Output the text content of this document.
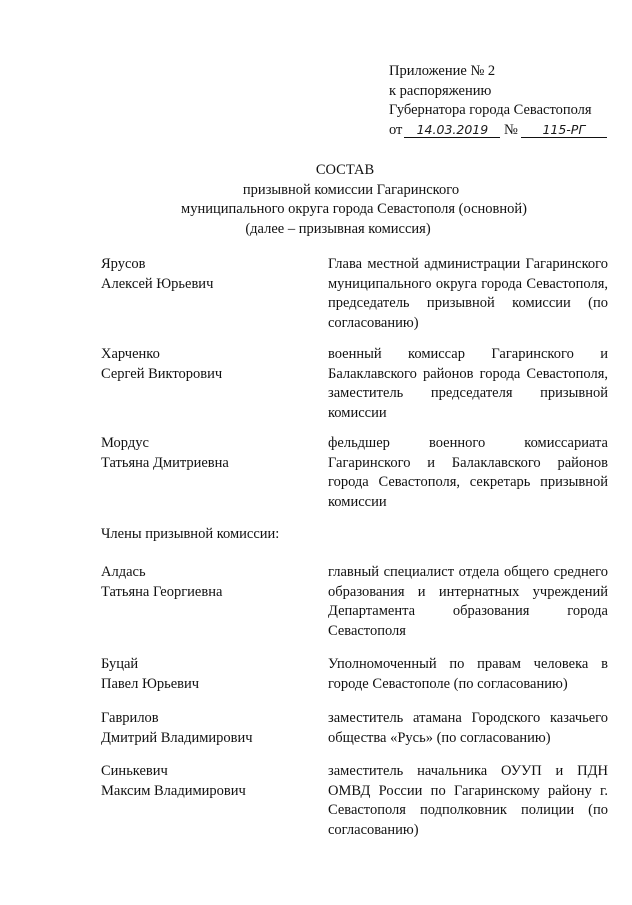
Приложение № 2
к распоряжению
Губернатора города Севастополя
от 14.03.2019 № 115-РГ
СОСТАВ
призывной комиссии Гагаринского
муниципального округа города Севастополя (основной)
(далее – призывная комиссия)
Ярусов
Алексей Юрьевич
Глава местной администрации Гагаринского муниципального округа города Севастополя, председатель призывной комиссии (по согласованию)
Харченко
Сергей Викторович
военный комиссар Гагаринского и Балаклавского районов города Севастополя, заместитель председателя призывной комиссии
Мордус
Татьяна Дмитриевна
фельдшер военного комиссариата Гагаринского и Балаклавского районов города Севастополя, секретарь призывной комиссии
Члены призывной комиссии:
Алдась
Татьяна Георгиевна
главный специалист отдела общего среднего образования и интернатных учреждений Департамента образования города Севастополя
Буцай
Павел Юрьевич
Уполномоченный по правам человека в городе Севастополе (по согласованию)
Гаврилов
Дмитрий Владимирович
заместитель атамана Городского казачьего общества «Русь» (по согласованию)
Синькевич
Максим Владимирович
заместитель начальника ОУУП и ПДН ОМВД России по Гагаринскому району г. Севастополя подполковник полиции (по согласованию)
